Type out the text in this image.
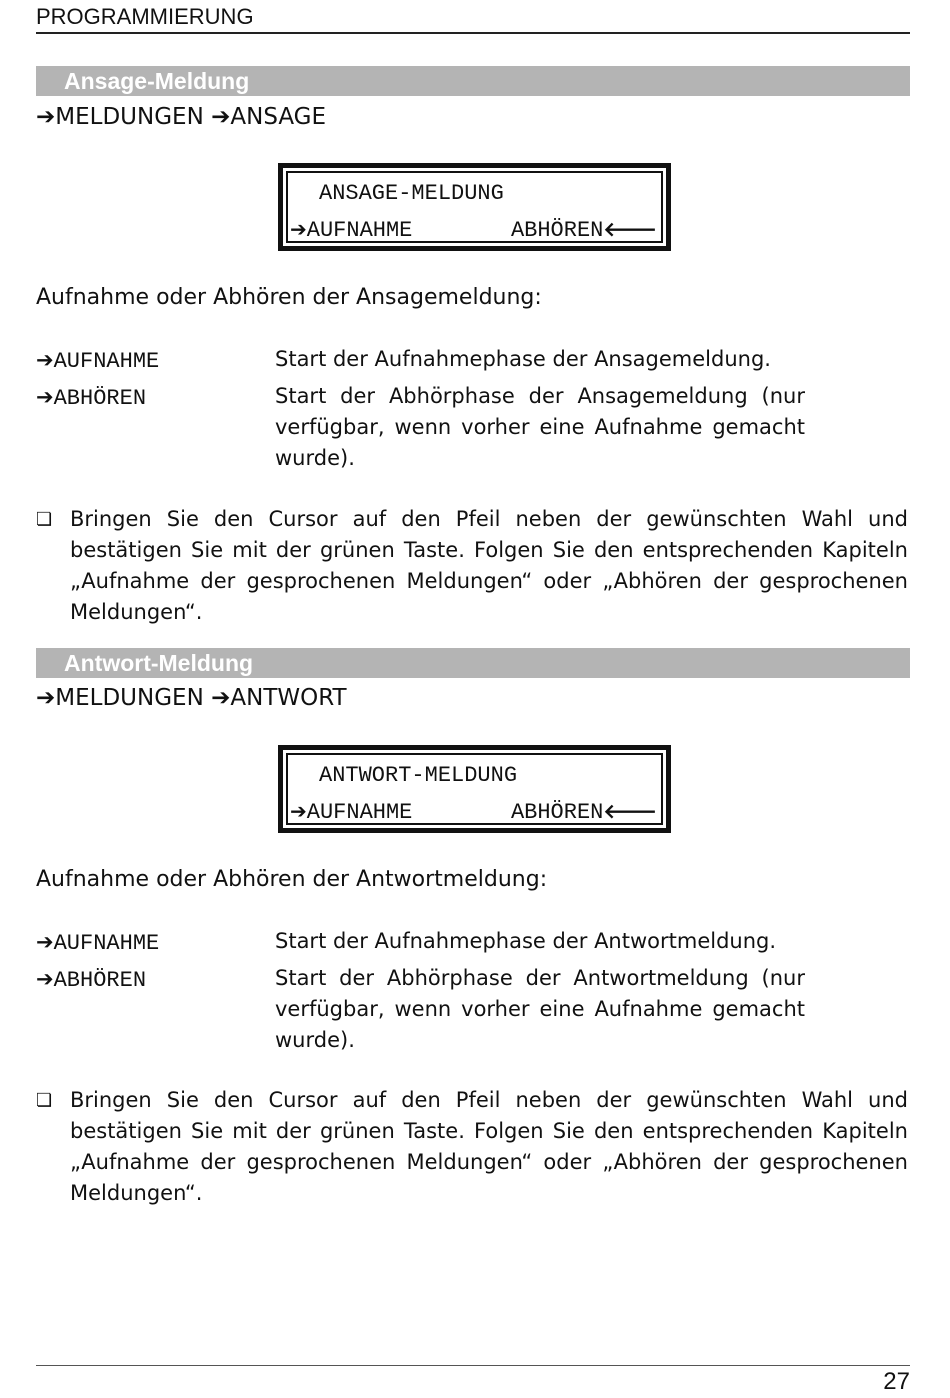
PROGRAMMIERUNG
Ansage-Meldung
➔MELDUNGEN ➔ANSAGE
ANSAGE-MELDUNG
➔AUFNAHME	ABHÖREN🡐
Aufnahme oder Abhören der Ansagemeldung:
➔AUFNAHME	Start der Aufnahmephase der Ansagemeldung.
➔ABHÖREN	Start der Abhörphase der Ansagemeldung (nur verfügbar, wenn vorher eine Aufnahme gemacht wurde).
❏ Bringen Sie den Cursor auf den Pfeil neben der gewünschten Wahl und bestätigen Sie mit der grünen Taste. Folgen Sie den entsprechenden Kapiteln „Aufnahme der gesprochenen Meldungen“ oder „Abhören der gesprochenen Meldungen“.
Antwort-Meldung
➔MELDUNGEN ➔ANTWORT
ANTWORT-MELDUNG
➔AUFNAHME	ABHÖREN🡐
Aufnahme oder Abhören der Antwortmeldung:
➔AUFNAHME	Start der Aufnahmephase der Antwortmeldung.
➔ABHÖREN	Start der Abhörphase der Antwortmeldung (nur verfügbar, wenn vorher eine Aufnahme gemacht wurde).
❏ Bringen Sie den Cursor auf den Pfeil neben der gewünschten Wahl und bestätigen Sie mit der grünen Taste. Folgen Sie den entsprechenden Kapiteln „Aufnahme der gesprochenen Meldungen“ oder „Abhören der gesprochenen Meldungen“.
27
